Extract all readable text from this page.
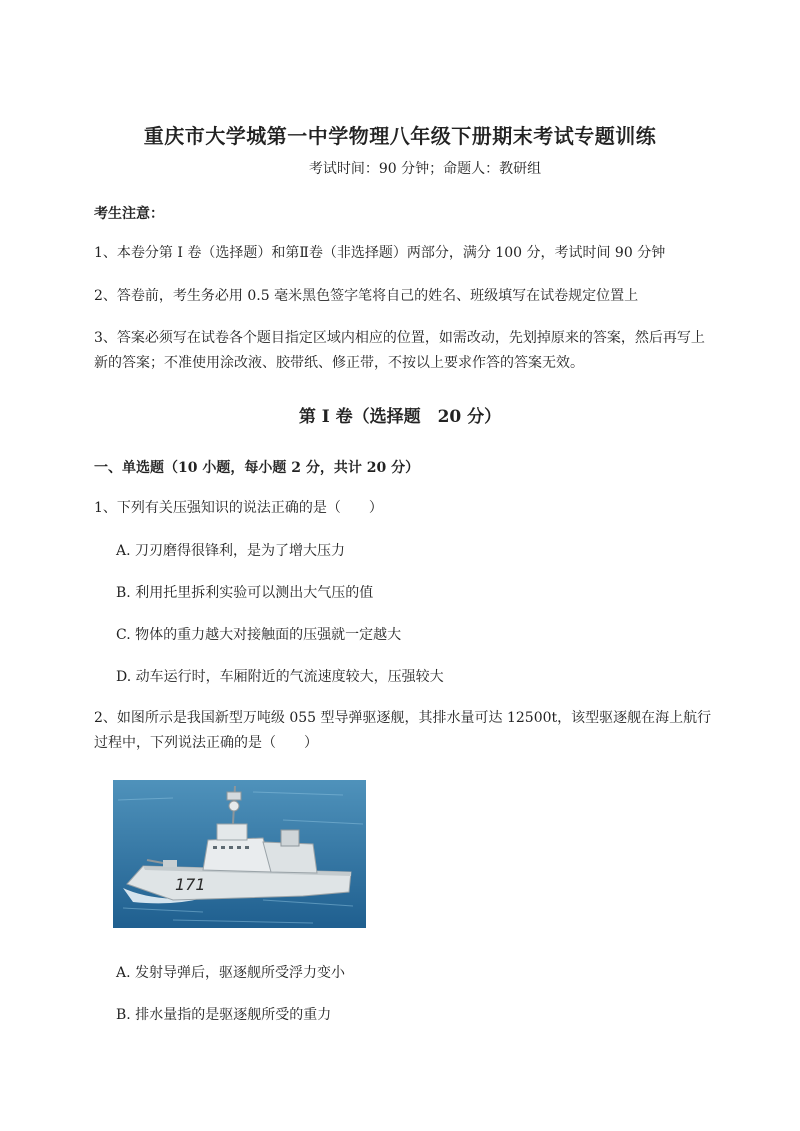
重庆市大学城第一中学物理八年级下册期末考试专题训练
考试时间：90 分钟；命题人：教研组
考生注意：
1、本卷分第 I 卷（选择题）和第Ⅱ卷（非选择题）两部分，满分 100 分，考试时间 90 分钟
2、答卷前，考生务必用 0.5 毫米黑色签字笔将自己的姓名、班级填写在试卷规定位置上
3、答案必须写在试卷各个题目指定区域内相应的位置，如需改动，先划掉原来的答案，然后再写上新的答案；不准使用涂改液、胶带纸、修正带，不按以上要求作答的答案无效。
第 I 卷（选择题　20 分）
一、单选题（10 小题，每小题 2 分，共计 20 分）
1、下列有关压强知识的说法正确的是（　　）
A. 刀刃磨得很锋利，是为了增大压力
B. 利用托里拆利实验可以测出大气压的值
C. 物体的重力越大对接触面的压强就一定越大
D. 动车运行时，车厢附近的气流速度较大，压强较大
2、如图所示是我国新型万吨级 055 型导弹驱逐舰，其排水量可达 12500t，该型驱逐舰在海上航行过程中，下列说法正确的是（　　）
171
A. 发射导弹后，驱逐舰所受浮力变小
B. 排水量指的是驱逐舰所受的重力
